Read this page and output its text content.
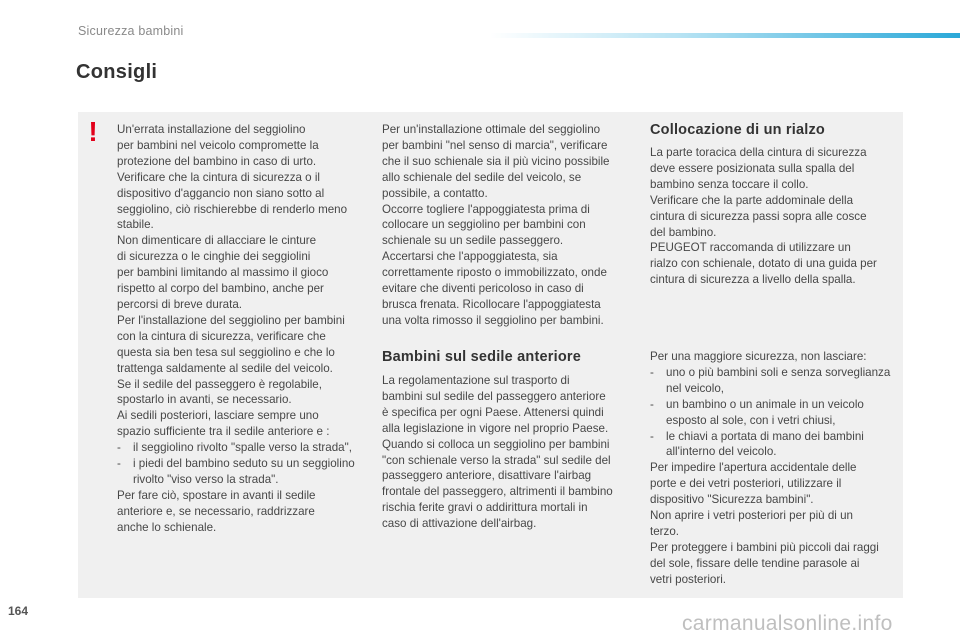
Sicurezza bambini
Consigli
! Un'errata installazione del seggiolino

per bambini nel veicolo compromette la

protezione del bambino in caso di urto.

Verificare che la cintura di sicurezza o il

dispositivo d'aggancio non siano sotto al

seggiolino, ciò rischierebbe di renderlo meno

stabile.

Non dimenticare di allacciare le cinture

di sicurezza o le cinghie dei seggiolini

per bambini limitando al massimo il gioco

rispetto al corpo del bambino, anche per

percorsi di breve durata.

Per l'installazione del seggiolino per bambini

con la cintura di sicurezza, verificare che

questa sia ben tesa sul seggiolino e che lo

trattenga saldamente al sedile del veicolo.

Se il sedile del passeggero è regolabile,

spostarlo in avanti, se necessario.

Ai sedili posteriori, lasciare sempre uno

spazio sufficiente tra il sedile anteriore e :

- il seggiolino rivolto "spalle verso la strada",
- i piedi del bambino seduto su un seggiolino rivolto "viso verso la strada".

Per fare ciò, spostare in avanti il sedile

anteriore e, se necessario, raddrizzare

anche lo schienale.

Per un'installazione ottimale del seggiolino

per bambini "nel senso di marcia", verificare

che il suo schienale sia il più vicino possibile

allo schienale del sedile del veicolo, se

possibile, a contatto.

Occorre togliere l'appoggiatesta prima di

collocare un seggiolino per bambini con

schienale su un sedile passeggero.

Accertarsi che l'appoggiatesta, sia

correttamente riposto o immobilizzato, onde

evitare che diventi pericoloso in caso di

brusca frenata. Ricollocare l'appoggiatesta

una volta rimosso il seggiolino per bambini.

Collocazione di un rialzo

La parte toracica della cintura di sicurezza

deve essere posizionata sulla spalla del

bambino senza toccare il collo.

Verificare che la parte addominale della

cintura di sicurezza passi sopra alle cosce

del bambino.

PEUGEOT raccomanda di utilizzare un

rialzo con schienale, dotato di una guida per

cintura di sicurezza a livello della spalla.

Bambini sul sedile anteriore

La regolamentazione sul trasporto di

bambini sul sedile del passeggero anteriore

è specifica per ogni Paese. Attenersi quindi

alla legislazione in vigore nel proprio Paese.

Quando si colloca un seggiolino per bambini

"con schienale verso la strada" sul sedile del

passeggero anteriore, disattivare l'airbag

frontale del passeggero, altrimenti il bambino

rischia ferite gravi o addirittura mortali in

caso di attivazione dell'airbag.

Per una maggiore sicurezza, non lasciare:

- uno o più bambini soli e senza sorveglianza nel veicolo,
- un bambino o un animale in un veicolo esposto al sole, con i vetri chiusi,
- le chiavi a portata di mano dei bambini all'interno del veicolo.

Per impedire l'apertura accidentale delle

porte e dei vetri posteriori, utilizzare il

dispositivo "Sicurezza bambini".

Non aprire i vetri posteriori per più di un

terzo.

Per proteggere i bambini più piccoli dai raggi

del sole, fissare delle tendine parasole ai

vetri posteriori.

164
carmanualsonline.info
